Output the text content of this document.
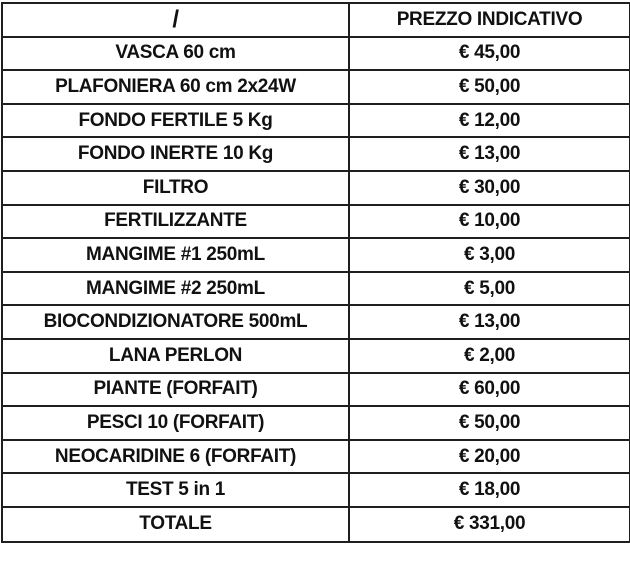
/	PREZZO INDICATIVO
VASCA 60 cm	€ 45,00
PLAFONIERA 60 cm 2x24W	€ 50,00
FONDO FERTILE 5 Kg	€ 12,00
FONDO INERTE 10 Kg	€ 13,00
FILTRO	€ 30,00
FERTILIZZANTE	€ 10,00
MANGIME #1 250mL	€ 3,00
MANGIME #2 250mL	€ 5,00
BIOCONDIZIONATORE 500mL	€ 13,00
LANA PERLON	€ 2,00
PIANTE (FORFAIT)	€ 60,00
PESCI 10 (FORFAIT)	€ 50,00
NEOCARIDINE 6 (FORFAIT)	€ 20,00
TEST 5 in 1	€ 18,00
TOTALE	€ 331,00
